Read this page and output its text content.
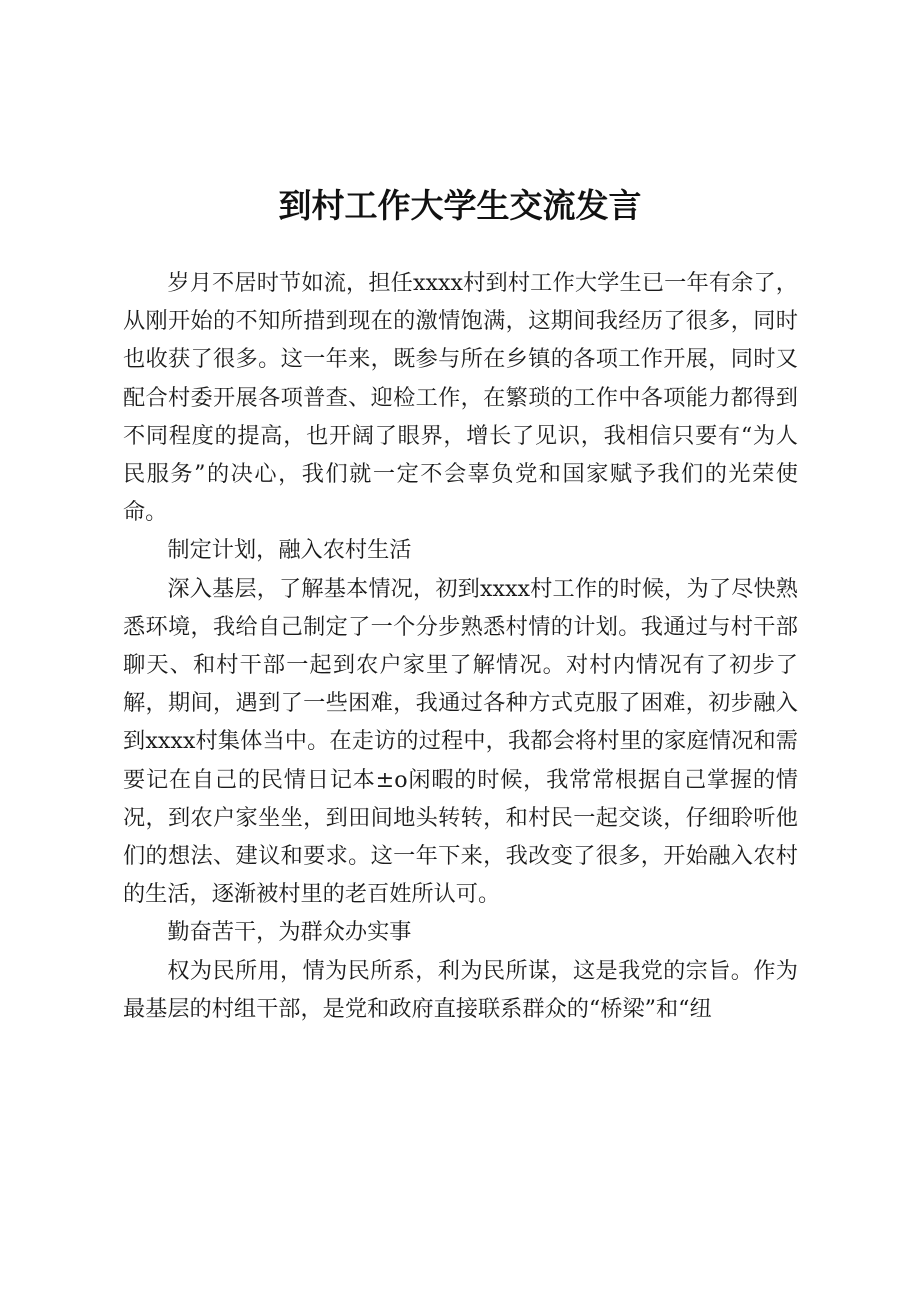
到村工作大学生交流发言

岁月不居时节如流，担任xxxx村到村工作大学生已一年有余了，从刚开始的不知所措到现在的激情饱满，这期间我经历了很多，同时也收获了很多。这一年来，既参与所在乡镇的各项工作开展，同时又配合村委开展各项普查、迎检工作，在繁琐的工作中各项能力都得到不同程度的提高，也开阔了眼界，增长了见识，我相信只要有“为人民服务”的决心，我们就一定不会辜负党和国家赋予我们的光荣使命。

制定计划，融入农村生活

深入基层，了解基本情况，初到xxxx村工作的时候，为了尽快熟悉环境，我给自己制定了一个分步熟悉村情的计划。我通过与村干部聊天、和村干部一起到农户家里了解情况。对村内情况有了初步了解，期间，遇到了一些困难，我通过各种方式克服了困难，初步融入到xxxx村集体当中。在走访的过程中，我都会将村里的家庭情况和需要记在自己的民情日记本±o闲暇的时候，我常常根据自己掌握的情况，到农户家坐坐，到田间地头转转，和村民一起交谈，仔细聆听他们的想法、建议和要求。这一年下来，我改变了很多，开始融入农村的生活，逐渐被村里的老百姓所认可。

勤奋苦干，为群众办实事

权为民所用，情为民所系，利为民所谋，这是我党的宗旨。作为最基层的村组干部，是党和政府直接联系群众的“桥梁”和“纽
